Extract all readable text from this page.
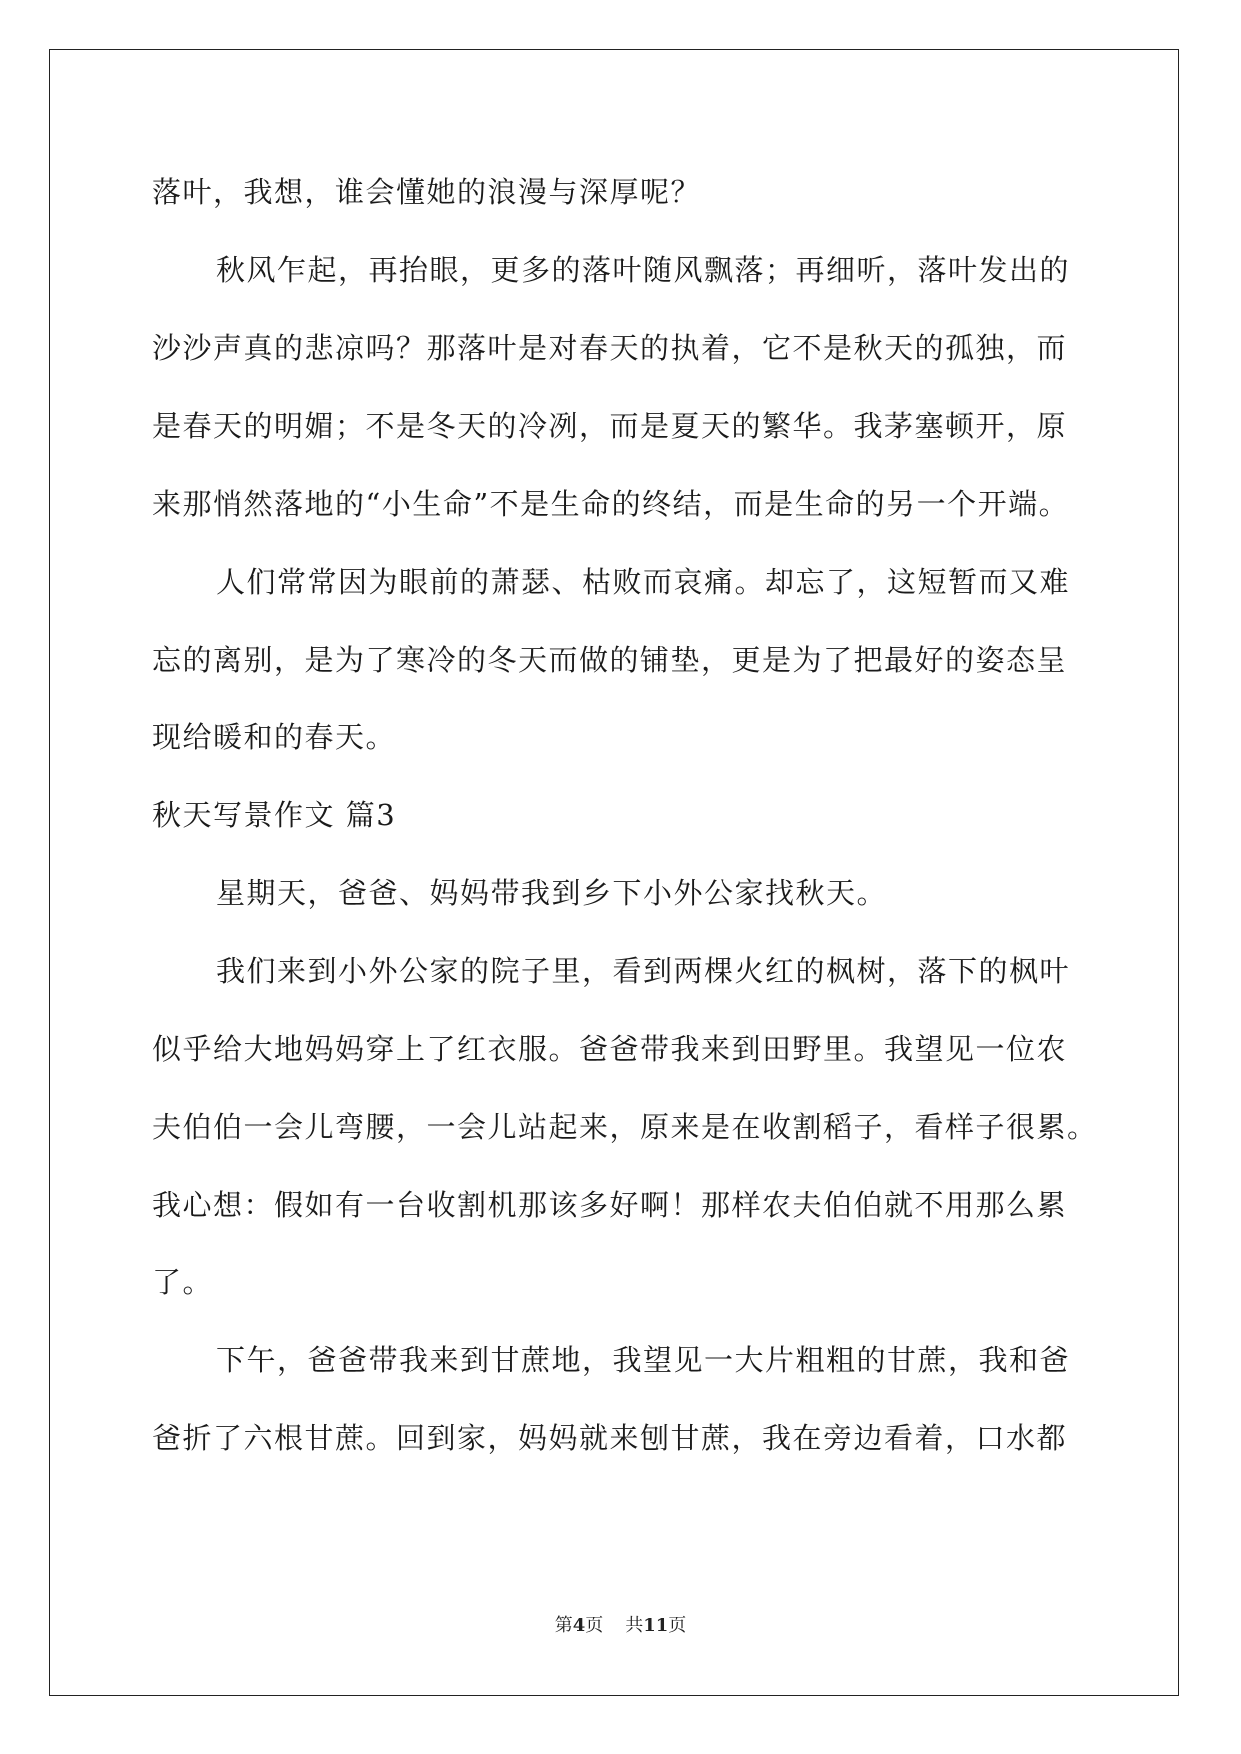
落叶，我想，谁会懂她的浪漫与深厚呢？
秋风乍起，再抬眼，更多的落叶随风飘落；再细听，落叶发出的
沙沙声真的悲凉吗？那落叶是对春天的执着，它不是秋天的孤独，而
是春天的明媚；不是冬天的冷冽，而是夏天的繁华。我茅塞顿开，原
来那悄然落地的“小生命”不是生命的终结，而是生命的另一个开端。
人们常常因为眼前的萧瑟、枯败而哀痛。却忘了，这短暂而又难
忘的离别，是为了寒冷的冬天而做的铺垫，更是为了把最好的姿态呈
现给暖和的春天。
秋天写景作文 篇3
星期天，爸爸、妈妈带我到乡下小外公家找秋天。
我们来到小外公家的院子里，看到两棵火红的枫树，落下的枫叶
似乎给大地妈妈穿上了红衣服。爸爸带我来到田野里。我望见一位农
夫伯伯一会儿弯腰，一会儿站起来，原来是在收割稻子，看样子很累。
我心想：假如有一台收割机那该多好啊！那样农夫伯伯就不用那么累
了。
下午，爸爸带我来到甘蔗地，我望见一大片粗粗的甘蔗，我和爸
爸折了六根甘蔗。回到家，妈妈就来刨甘蔗，我在旁边看着，口水都
第4页 共11页
